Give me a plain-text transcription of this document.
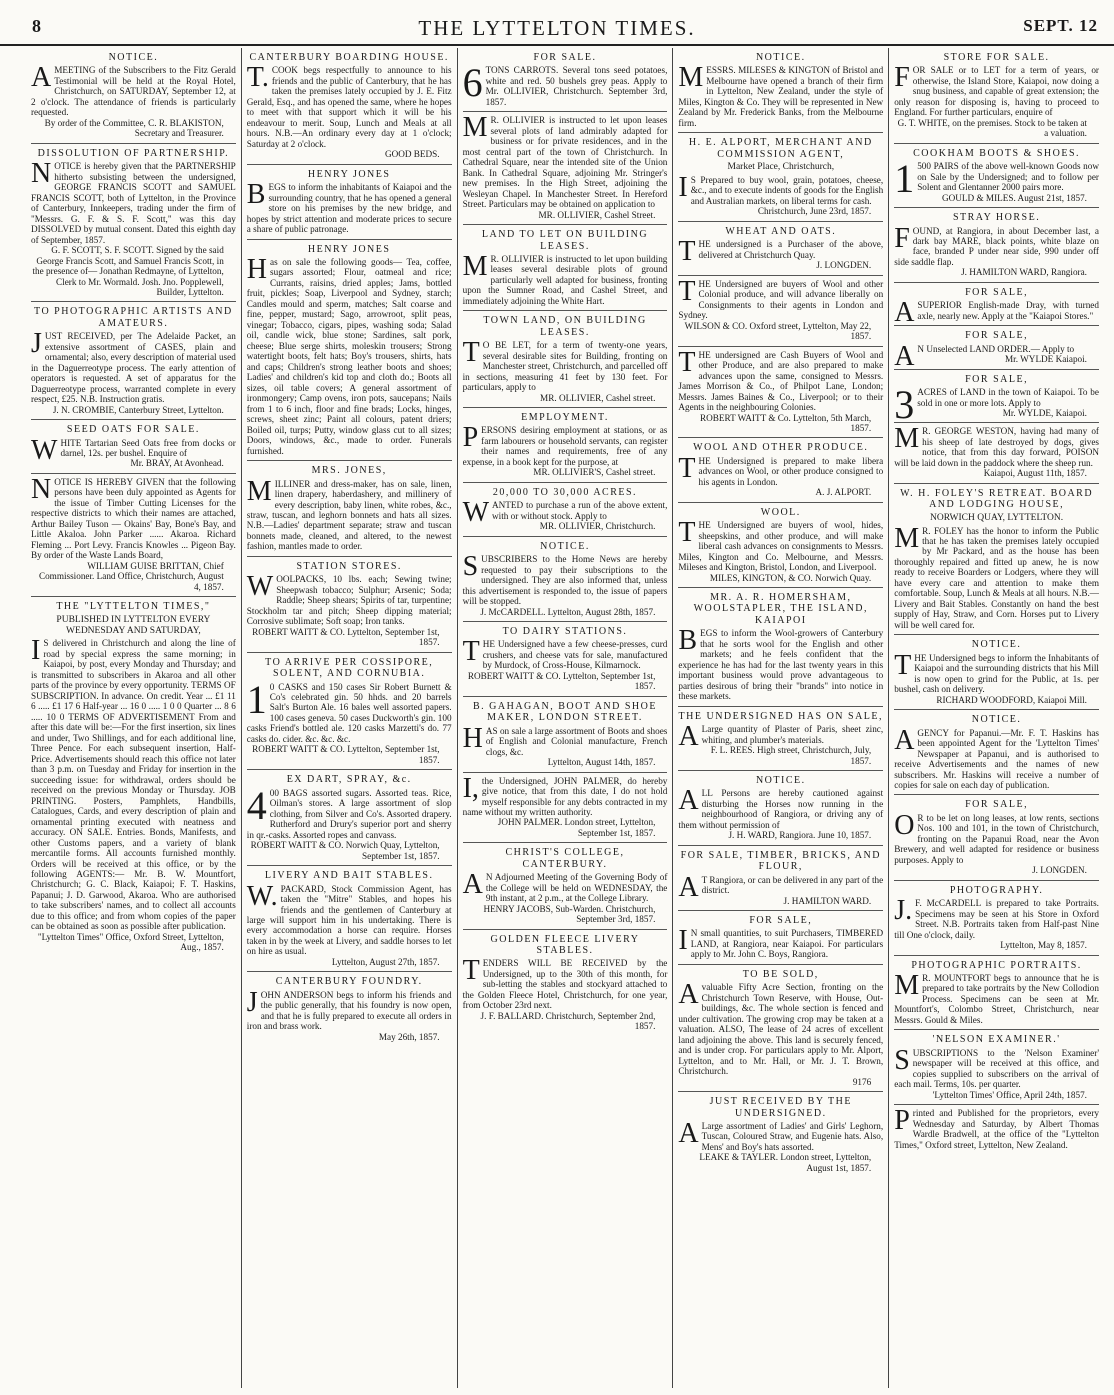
8	THE LYTTELTON TIMES.	SEPT. 12
NOTICE.
AMEETING of the Subscribers to the Fitz Gerald Testimonial will be held at the Royal Hotel, Christchurch, on SATURDAY, September 12, at 2 o'clock. The attendance of friends is particularly requested.
By order of the Committee, C. R. BLAKISTON, Secretary and Treasurer.
DISSOLUTION OF PARTNERSHIP.
NOTICE is hereby given that the PARTNERSHIP hitherto subsisting between the undersigned, GEORGE FRANCIS SCOTT and SAMUEL FRANCIS SCOTT, both of Lyttelton, in the Province of Canterbury, Innkeepers, trading under the firm of "Messrs. G. F. & S. F. Scott," was this day DISSOLVED by mutual consent. Dated this eighth day of September, 1857.
G. F. SCOTT, S. F. SCOTT. Signed by the said George Francis Scott, and Samuel Francis Scott, in the presence of— Jonathan Redmayne, of Lyttelton, Clerk to Mr. Wormald. Josh. Jno. Popplewell, Builder, Lyttelton.
TO PHOTOGRAPHIC ARTISTS AND AMATEURS.
JUST RECEIVED, per The Adelaide Packet, an extensive assortment of CASES, plain and ornamental; also, every description of material used in the Daguerreotype process. The early attention of operators is requested. A set of apparatus for the Daguerreotype process, warranted complete in every respect, £25. N.B. Instruction gratis.
J. N. CROMBIE, Canterbury Street, Lyttelton.
SEED OATS FOR SALE.
WHITE Tartarian Seed Oats free from docks or darnel, 12s. per bushel. Enquire of
Mr. BRAY, At Avonhead.
NOTICE IS HEREBY GIVEN that the following persons have been duly appointed as Agents for the issue of Timber Cutting Licenses for the respective districts to which their names are attached, Arthur Bailey Tuson — Okains' Bay, Bone's Bay, and Little Akaloa. John Parker ...... Akaroa. Richard Fleming ... Port Levy. Francis Knowles ... Pigeon Bay. By order of the Waste Lands Board,
WILLIAM GUISE BRITTAN, Chief Commissioner. Land Office, Christchurch, August 4, 1857.
THE "LYTTELTON TIMES,"
PUBLISHED IN LYTTELTON EVERY WEDNESDAY AND SATURDAY,
IS delivered in Christchurch and along the line of road by special express the same morning; in Kaiapoi, by post, every Monday and Thursday; and is transmitted to subscribers in Akaroa and all other parts of the province by every opportunity. TERMS OF SUBSCRIPTION. In advance. On credit. Year ... £1 11 6 ..... £1 17 6 Half-year ... 16 0 ..... 1 0 0 Quarter ... 8 6 ..... 10 0 TERMS OF ADVERTISEMENT From and after this date will be:—For the first insertion, six lines and under, Two Shillings, and for each additional line, Three Pence. For each subsequent insertion, Half-Price. Advertisements should reach this office not later than 3 p.m. on Tuesday and Friday for insertion in the succeeding issue: for withdrawal, orders should be received on the previous Monday or Thursday. JOB PRINTING. Posters, Pamphlets, Handbills, Catalogues, Cards, and every description of plain and ornamental printing executed with neatness and accuracy. ON SALE. Entries. Bonds, Manifests, and other Customs papers, and a variety of blank mercantile forms. All accounts furnished monthly. Orders will be received at this office, or by the following AGENTS:— Mr. B. W. Mountfort, Christchurch; G. C. Black, Kaiapoi; F. T. Haskins, Papanui; J. D. Garwood, Akaroa. Who are authorised to take subscribers' names, and to collect all accounts due to this office; and from whom copies of the paper can be obtained as soon as possible after publication.
"Lyttelton Times" Office, Oxford Street, Lyttelton, Aug., 1857.
CANTERBURY BOARDING HOUSE.
T.COOK begs respectfully to announce to his friends and the public of Canterbury, that he has taken the premises lately occupied by J. E. Fitz Gerald, Esq., and has opened the same, where he hopes to meet with that support which it will be his endeavour to merit. Soup, Lunch and Meals at all hours. N.B.—An ordinary every day at 1 o'clock; Saturday at 2 o'clock.
GOOD BEDS.
HENRY JONES
BEGS to inform the inhabitants of Kaiapoi and the surrounding country, that he has opened a general store on his premises by the new bridge, and hopes by strict attention and moderate prices to secure a share of public patronage.
HENRY JONES
Has on sale the following goods— Tea, coffee, sugars assorted; Flour, oatmeal and rice; Currants, raisins, dried apples; Jams, bottled fruit, pickles; Soap, Liverpool and Sydney, starch; Candles mould and sperm, matches; Salt coarse and fine, pepper, mustard; Sago, arrowroot, split peas, vinegar; Tobacco, cigars, pipes, washing soda; Salad oil, candle wick, blue stone; Sardines, salt pork, cheese; Blue serge shirts, moleskin trousers; Strong watertight boots, felt hats; Boy's trousers, shirts, hats and caps; Children's strong leather boots and shoes; Ladies' and children's kid top and cloth do.; Boots all sizes, oil table covers; A general assortment of ironmongery; Camp ovens, iron pots, saucepans; Nails from 1 to 6 inch, floor and fine brads; Locks, hinges, screws, sheet zinc; Paint all colours, patent driers; Boiled oil, turps; Putty, window glass cut to all sizes; Doors, windows, &c., made to order. Funerals furnished.
MRS. JONES,
MILLINER and dress-maker, has on sale, linen, linen drapery, haberdashery, and millinery of every description, baby linen, white robes, &c., straw, tuscan, and leghorn bonnets and hats all sizes. N.B.—Ladies' department separate; straw and tuscan bonnets made, cleaned, and altered, to the newest fashion, mantles made to order.
STATION STORES.
WOOLPACKS, 10 lbs. each; Sewing twine; Sheepwash tobacco; Sulphur; Arsenic; Soda; Raddle; Sheep shears; Spirits of tar, turpentine; Stockholm tar and pitch; Sheep dipping material; Corrosive sublimate; Soft soap; Iron tanks.
ROBERT WAITT & CO. Lyttelton, September 1st, 1857.
TO ARRIVE PER COSSIPORE, SOLENT, AND CORNUBIA.
10 CASKS and 150 cases Sir Robert Burnett & Co's celebrated gin. 50 hhds. and 20 barrels Salt's Burton Ale. 16 bales well assorted papers. 100 cases geneva. 50 cases Duckworth's gin. 100 casks Friend's bottled ale. 120 casks Marzetti's do. 77 casks do. cider. &c. &c. &c.
ROBERT WAITT & CO. Lyttelton, September 1st, 1857.
EX DART, SPRAY, &c.
400 BAGS assorted sugars. Assorted teas. Rice, Oilman's stores. A large assortment of slop clothing, from Silver and Co's. Assorted drapery. Rutherford and Drury's superior port and sherry in qr.-casks. Assorted ropes and canvass.
ROBERT WAITT & CO. Norwich Quay, Lyttelton, September 1st, 1857.
LIVERY AND BAIT STABLES.
W.PACKARD, Stock Commission Agent, has taken the "Mitre" Stables, and hopes his friends and the gentlemen of Canterbury at large will support him in his undertaking. There is every accommodation a horse can require. Horses taken in by the week at Livery, and saddle horses to let on hire as usual.
Lyttelton, August 27th, 1857.
CANTERBURY FOUNDRY.
JOHN ANDERSON begs to inform his friends and the public generally, that his foundry is now open, and that he is fully prepared to execute all orders in iron and brass work.
May 26th, 1857.
FOR SALE.
6TONS CARROTS. Several tons seed potatoes, white and red. 50 bushels grey peas. Apply to Mr. OLLIVIER, Christchurch. September 3rd, 1857.
MR. OLLIVIER is instructed to let upon leases several plots of land admirably adapted for business or for private residences, and in the most central part of the town of Christchurch. In Cathedral Square, near the intended site of the Union Bank. In Cathedral Square, adjoining Mr. Stringer's new premises. In the High Street, adjoining the Wesleyan Chapel. In Manchester Street. In Hereford Street. Particulars may be obtained on application to
MR. OLLIVIER, Cashel Street.
LAND TO LET ON BUILDING LEASES.
MR. OLLIVIER is instructed to let upon building leases several desirable plots of ground particularly well adapted for business, fronting upon the Sumner Road, and Cashel Street, and immediately adjoining the White Hart.
TOWN LAND, ON BUILDING LEASES.
TO BE LET, for a term of twenty-one years, several desirable sites for Building, fronting on Manchester street, Christchurch, and parcelled off in sections, measuring 41 feet by 130 feet. For particulars, apply to
MR. OLLIVIER, Cashel street.
EMPLOYMENT.
PERSONS desiring employment at stations, or as farm labourers or household servants, can register their names and requirements, free of any expense, in a book kept for the purpose, at
MR. OLLIVIER'S, Cashel street.
20,000 TO 30,000 ACRES.
WANTED to purchase a run of the above extent, with or without stock. Apply to
MR. OLLIVIER, Christchurch.
NOTICE.
SUBSCRIBERS to the Home News are hereby requested to pay their subscriptions to the undersigned. They are also informed that, unless this advertisement is responded to, the issue of papers will be stopped.
J. McCARDELL. Lyttelton, August 28th, 1857.
TO DAIRY STATIONS.
THE Undersigned have a few cheese-presses, curd crushers, and cheese vats for sale, manufactured by Murdock, of Cross-House, Kilmarnock.
ROBERT WAITT & CO. Lyttelton, September 1st, 1857.
B. GAHAGAN, BOOT AND SHOE MAKER, LONDON STREET.
HAS on sale a large assortment of Boots and shoes of English and Colonial manufacture, French clogs, &c.
Lyttelton, August 14th, 1857.
I,the Undersigned, JOHN PALMER, do hereby give notice, that from this date, I do not hold myself responsible for any debts contracted in my name without my written authority.
JOHN PALMER. London street, Lyttelton, September 1st, 1857.
CHRIST'S COLLEGE, CANTERBURY.
AN Adjourned Meeting of the Governing Body of the College will be held on WEDNESDAY, the 9th instant, at 2 p.m., at the College Library.
HENRY JACOBS, Sub-Warden. Christchurch, September 3rd, 1857.
GOLDEN FLEECE LIVERY STABLES.
TENDERS WILL BE RECEIVED by the Undersigned, up to the 30th of this month, for sub-letting the stables and stockyard attached to the Golden Fleece Hotel, Christchurch, for one year, from October 23rd next.
J. F. BALLARD. Christchurch, September 2nd, 1857.
NOTICE.
MESSRS. MILESES & KINGTON of Bristol and Melbourne have opened a branch of their firm in Lyttelton, New Zealand, under the style of Miles, Kington & Co. They will be represented in New Zealand by Mr. Frederick Banks, from the Melbourne firm.
H. E. ALPORT, MERCHANT AND COMMISSION AGENT,
Market Place, Christchurch,
IS Prepared to buy wool, grain, potatoes, cheese, &c., and to execute indents of goods for the English and Australian markets, on liberal terms for cash.
Christchurch, June 23rd, 1857.
WHEAT AND OATS.
THE undersigned is a Purchaser of the above, delivered at Christchurch Quay.
J. LONGDEN.
THE Undersigned are buyers of Wool and other Colonial produce, and will advance liberally on Consignments to their agents in London and Sydney.
WILSON & CO. Oxford street, Lyttelton, May 22, 1857.
THE undersigned are Cash Buyers of Wool and other Produce, and are also prepared to make advances upon the same, consigned to Messrs. James Morrison & Co., of Philpot Lane, London; Messrs. James Baines & Co., Liverpool; or to their Agents in the neighbouring Colonies.
ROBERT WAITT & Co. Lyttelton, 5th March, 1857.
WOOL AND OTHER PRODUCE.
THE Undersigned is prepared to make libera advances on Wool, or other produce consigned to his agents in London.
A. J. ALPORT.
WOOL.
THE Undersigned are buyers of wool, hides, sheepskins, and other produce, and will make liberal cash advances on consignments to Messrs. Miles, Kington and Co. Melbourne, and Messrs. Mileses and Kington, Bristol, London, and Liverpool.
MILES, KINGTON, & CO. Norwich Quay.
MR. A. R. HOMERSHAM, WOOLSTAPLER, THE ISLAND, KAIAPOI
BEGS to inform the Wool-growers of Canterbury that he sorts wool for the English and other markets; and he feels confident that the experience he has had for the last twenty years in this important business would prove advantageous to parties desirous of bring their "brands" into notice in these markets.
THE UNDERSIGNED HAS ON SALE,
ALarge quantity of Plaster of Paris, sheet zinc, whiting, and plumber's materials.
F. L. REES. High street, Christchurch, July, 1857.
NOTICE.
ALL Persons are hereby cautioned against disturbing the Horses now running in the neighbourhood of Rangiora, or driving any of them without permission of
J. H. WARD, Rangiora. June 10, 1857.
FOR SALE, TIMBER, BRICKS, AND FLOUR,
AT Rangiora, or can be delivered in any part of the district.
J. HAMILTON WARD.
FOR SALE,
IN small quantities, to suit Purchasers, TIMBERED LAND, at Rangiora, near Kaiapoi. For particulars apply to Mr. John C. Boys, Rangiora.
TO BE SOLD,
Avaluable Fifty Acre Section, fronting on the Christchurch Town Reserve, with House, Out-buildings, &c. The whole section is fenced and under cultivation. The growing crop may be taken at a valuation. ALSO, The lease of 24 acres of excellent land adjoining the above. This land is securely fenced, and is under crop. For particulars apply to Mr. Alport, Lyttelton, and to Mr. Hall, or Mr. J. T. Brown, Christchurch.
9176
JUST RECEIVED BY THE UNDERSIGNED.
ALarge assortment of Ladies' and Girls' Leghorn, Tuscan, Coloured Straw, and Eugenie hats. Also, Mens' and Boy's hats assorted.
LEAKE & TAYLER. London street, Lyttelton, August 1st, 1857.
STORE FOR SALE.
FOR SALE or to LET for a term of years, or otherwise, the Island Store, Kaiapoi, now doing a snug business, and capable of great extension; the only reason for disposing is, having to proceed to England. For further particulars, enquire of
G. T. WHITE, on the premises. Stock to be taken at a valuation.
COOKHAM BOOTS & SHOES.
1500 PAIRS of the above well-known Goods now on Sale by the Undersigned; and to follow per Solent and Glentanner 2000 pairs more.
GOULD & MILES. August 21st, 1857.
STRAY HORSE.
FOUND, at Rangiora, in about December last, a dark bay MARE, black points, white blaze on face, branded P under near side, 990 under off side saddle flap.
J. HAMILTON WARD, Rangiora.
FOR SALE,
ASUPERIOR English-made Dray, with turned axle, nearly new. Apply at the "Kaiapoi Stores."
FOR SALE,
AN Unselected LAND ORDER.— Apply to
Mr. WYLDE Kaiapoi.
FOR SALE,
3ACRES of LAND in the town of Kaiapoi. To be sold in one or more lots. Apply to
Mr. WYLDE, Kaiapoi.
MR. GEORGE WESTON, having had many of his sheep of late destroyed by dogs, gives notice, that from this day forward, POISON will be laid down in the paddock where the sheep run.
Kaiapoi, August 11th, 1857.
W. H. FOLEY'S RETREAT. BOARD AND LODGING HOUSE,
NORWICH QUAY, LYTTELTON.
MR. FOLEY has the honor to inform the Public that he has taken the premises lately occupied by Mr Packard, and as the house has been thoroughly repaired and fitted up anew, he is now ready to receive Boarders or Lodgers, where they will have every care and attention to make them comfortable. Soup, Lunch & Meals at all hours. N.B.—Livery and Bait Stables. Constantly on hand the best supply of Hay, Straw, and Corn. Horses put to Livery will be well cared for.
NOTICE.
THE Undersigned begs to inform the Inhabitants of Kaiapoi and the surrounding districts that his Mill is now open to grind for the Public, at 1s. per bushel, cash on delivery.
RICHARD WOODFORD, Kaiapoi Mill.
NOTICE.
AGENCY for Papanui.—Mr. F. T. Haskins has been appointed Agent for the 'Lyttelton Times' Newspaper at Papanui, and is authorised to receive Advertisements and the names of new subscribers. Mr. Haskins will receive a number of copies for sale on each day of publication.
FOR SALE,
OR to be let on long leases, at low rents, sections Nos. 100 and 101, in the town of Christchurch, fronting on the Papanui Road, near the Avon Brewery, and well adapted for residence or business purposes. Apply to
J. LONGDEN.
PHOTOGRAPHY.
J.F. McCARDELL is prepared to take Portraits. Specimens may be seen at his Store in Oxford Street. N.B. Portraits taken from Half-past Nine till One o'clock, daily.
Lyttelton, May 8, 1857.
PHOTOGRAPHIC PORTRAITS.
MR. MOUNTFORT begs to announce that he is prepared to take portraits by the New Collodion Process. Specimens can be seen at Mr. Mountfort's, Colombo Street, Christchurch, near Messrs. Gould & Miles.
'NELSON EXAMINER.'
SUBSCRIPTIONS to the 'Nelson Examiner' newspaper will be received at this office, and copies supplied to subscribers on the arrival of each mail. Terms, 10s. per quarter.
'Lyttelton Times' Office, April 24th, 1857.
Printed and Published for the proprietors, every Wednesday and Saturday, by Albert Thomas Wardle Bradwell, at the office of the "Lyttelton Times," Oxford street, Lyttelton, New Zealand.
